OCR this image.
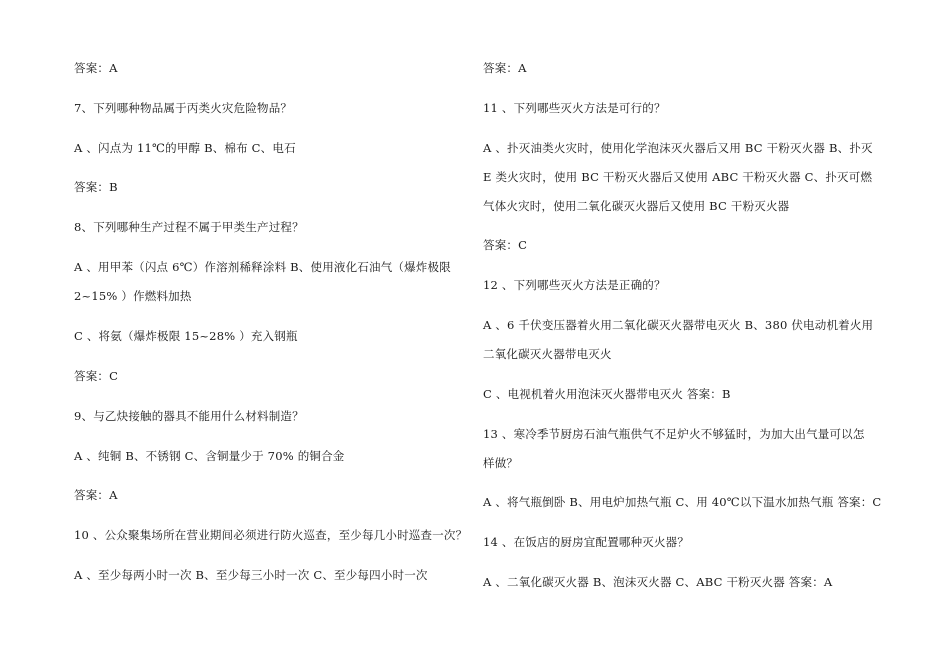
答案：A
7、下列哪种物品属于丙类火灾危险物品？
A 、闪点为 11℃的甲醇 B、棉布 C、电石
答案：B
8、下列哪种生产过程不属于甲类生产过程？
A 、用甲苯（闪点 6℃）作溶剂稀释涂料 B、使用液化石油气（爆炸极限
2~15% ）作燃料加热
C 、将氨（爆炸极限 15~28% ）充入钢瓶
答案：C
9、与乙炔接触的器具不能用什么材料制造？
A 、纯铜 B、不锈钢 C、含铜量少于 70% 的铜合金
答案：A
10 、公众聚集场所在营业期间必须进行防火巡查，至少每几小时巡查一次？
A 、至少每两小时一次 B、至少每三小时一次 C、至少每四小时一次
答案：A
11 、下列哪些灭火方法是可行的？
A 、扑灭油类火灾时，使用化学泡沫灭火器后又用 BC 干粉灭火器 B、扑灭
E 类火灾时，使用 BC 干粉灭火器后又使用 ABC 干粉灭火器 C、扑灭可燃
气体火灾时，使用二氧化碳灭火器后又使用 BC 干粉灭火器
答案：C
12 、下列哪些灭火方法是正确的？
A 、6 千伏变压器着火用二氧化碳灭火器带电灭火 B、380 伏电动机着火用
二氧化碳灭火器带电灭火
C 、电视机着火用泡沫灭火器带电灭火 答案：B
13 、寒冷季节厨房石油气瓶供气不足炉火不够猛时，为加大出气量可以怎
样做？
A 、将气瓶倒卧 B、用电炉加热气瓶 C、用 40℃以下温水加热气瓶 答案：C
14 、在饭店的厨房宜配置哪种灭火器？
A 、二氧化碳灭火器 B、泡沫灭火器 C、ABC 干粉灭火器 答案：A
